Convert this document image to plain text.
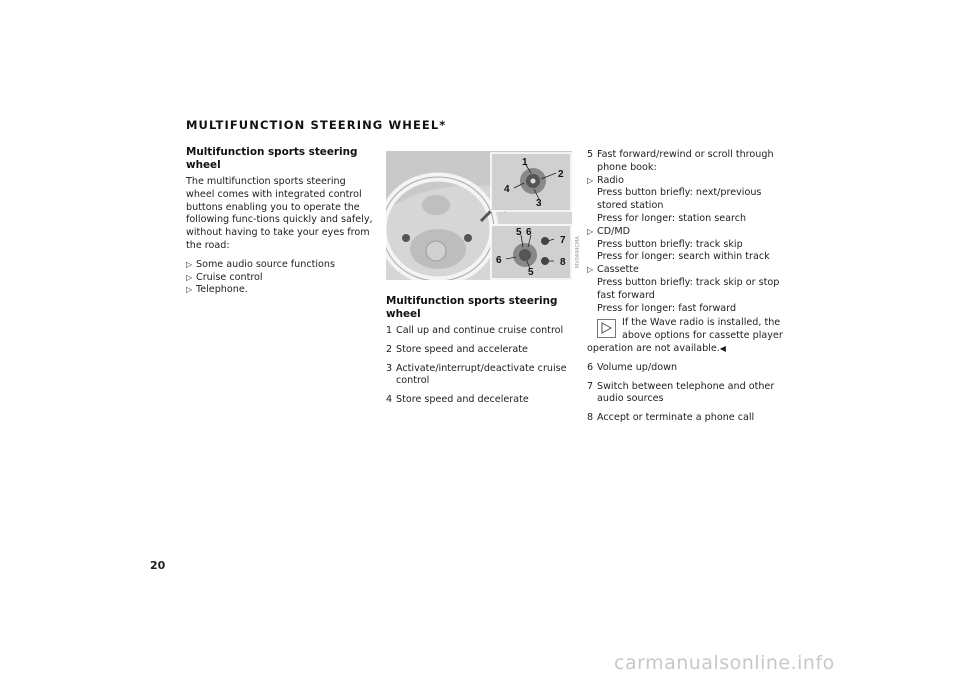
MULTIFUNCTION STEERING WHEEL*
Multifunction sports steering wheel

The multifunction sports steering wheel comes with integrated control buttons enabling you to operate the following func-tions quickly and safely, without having to take your eyes from the road:

▷ Some audio source functions
▷ Cruise control
▷ Telephone.
1
2
3
4
5 6
6
5
7
8 MV0494CMA
Multifunction sports steering wheel
1 Call up and continue cruise control
2 Store speed and accelerate
3 Activate/interrupt/deactivate cruise control
4 Store speed and decelerate
5 Fast forward/rewind or scroll through phone book:
▷ Radio
Press button briefly: next/previous stored station
Press for longer: station search
▷ CD/MD
Press button briefly: track skip
Press for longer: search within track
▷ Cassette
Press button briefly: track skip or stop fast forward
Press for longer: fast forward
If the Wave radio is installed, the above options for cassette player operation are not available.◀
6 Volume up/down
7 Switch between telephone and other audio sources
8 Accept or terminate a phone call
20
carmanualsonline.info
